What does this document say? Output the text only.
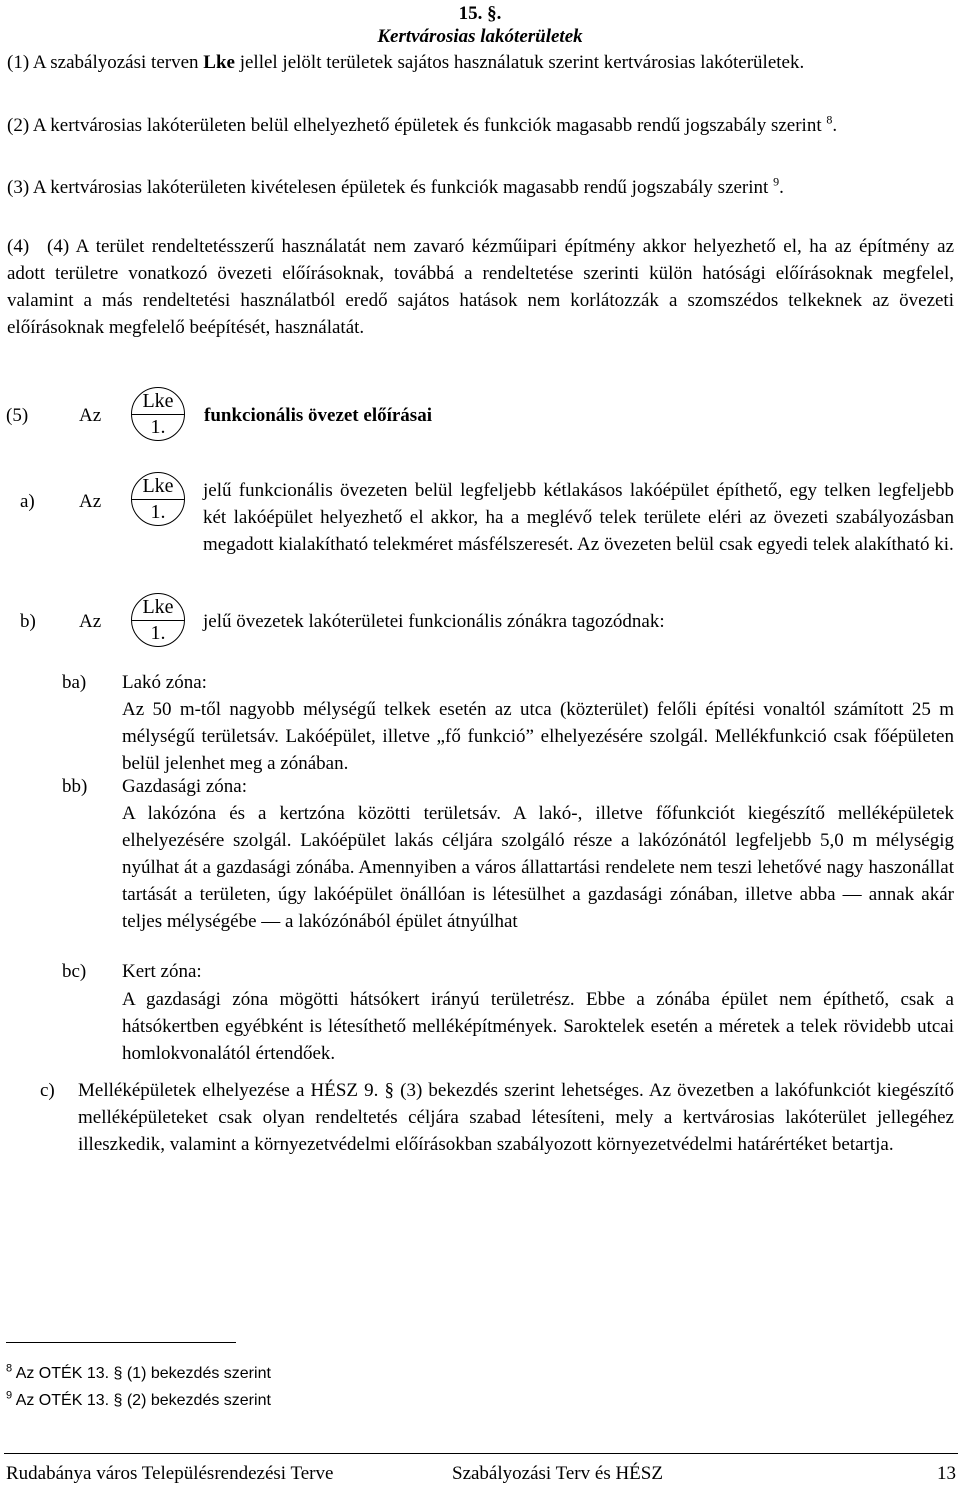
15. §.
Kertvárosias lakóterületek
(1) A szabályozási terven Lke jellel jelölt területek sajátos használatuk szerint kertvárosias lakóterületek.
(2) A kertvárosias lakóterületen belül elhelyezhető épületek és funkciók magasabb rendű jogszabály szerint $^8$.
(3) A kertvárosias lakóterületen kivételesen épületek és funkciók magasabb rendű jogszabály szerint $^9$.
(4) (4) A terület rendeltetésszerű használatát nem zavaró kézműipari építmény akkor helyezhető el, ha az építmény az adott területre vonatkozó övezeti előírásoknak, továbbá a rendeltetése szerinti külön hatósági előírásoknak megfelel, valamint a más rendeltetési használatból eredő sajátos hatások nem korlátozzák a szomszédos telkeknek az övezeti előírásoknak megfelelő beépítését, használatát.
(5)	Az
Lke
1.
funkcionális övezet előírásai
a) Az
Lke
1.
jelű funkcionális övezeten belül legfeljebb kétlakásos lakóépület építhető, egy telken legfeljebb két lakóépület helyezhető el akkor, ha a meglévő telek területe eléri az övezeti szabályozásban megadott kialakítható telekméret másfélszeresét. Az övezeten belül csak egyedi telek alakítható ki.
b) Az
Lke
1.
jelű övezetek lakóterületei funkcionális zónákra tagozódnak:
ba) Lakó zóna:
Az 50 m-től nagyobb mélységű telkek esetén az utca (közterület) felőli építési vonaltól számított 25 m mélységű területsáv. Lakóépület, illetve „fő funkció” elhelyezésére szolgál. Mellékfunkció csak főépületen belül jelenhet meg a zónában.
bb) Gazdasági zóna:
A lakózóna és a kertzóna közötti területsáv. A lakó-, illetve főfunkciót kiegészítő melléképületek elhelyezésére szolgál. Lakóépület lakás céljára szolgáló része a lakózónától legfeljebb 5,0 m mélységig nyúlhat át a gazdasági zónába. Amennyiben a város állattartási rendelete nem teszi lehetővé nagy haszonállat tartását a területen, úgy lakóépület önállóan is létesülhet a gazdasági zónában, illetve abba — annak akár teljes mélységébe — a lakózónából épület átnyúlhat
bc) Kert zóna:
A gazdasági zóna mögötti hátsókert irányú területrész. Ebbe a zónába épület nem építhető, csak a hátsókertben egyébként is létesíthető melléképítmények. Saroktelek esetén a méretek a telek rövidebb utcai homlokvonalától értendőek.
c) Melléképületek elhelyezése a HÉSZ 9. § (3) bekezdés szerint lehetséges. Az övezetben a lakófunkciót kiegészítő melléképületeket csak olyan rendeltetés céljára szabad létesíteni, mely a kertvárosias lakóterület jellegéhez illeszkedik, valamint a környezetvédelmi előírásokban szabályozott környezetvédelmi határértéket betartja.
$^8$ Az OTÉK 13. § (1) bekezdés szerint
$^9$ Az OTÉK 13. § (2) bekezdés szerint
Rudabánya város Településrendezési Terve	Szabályozási Terv és HÉSZ	13
